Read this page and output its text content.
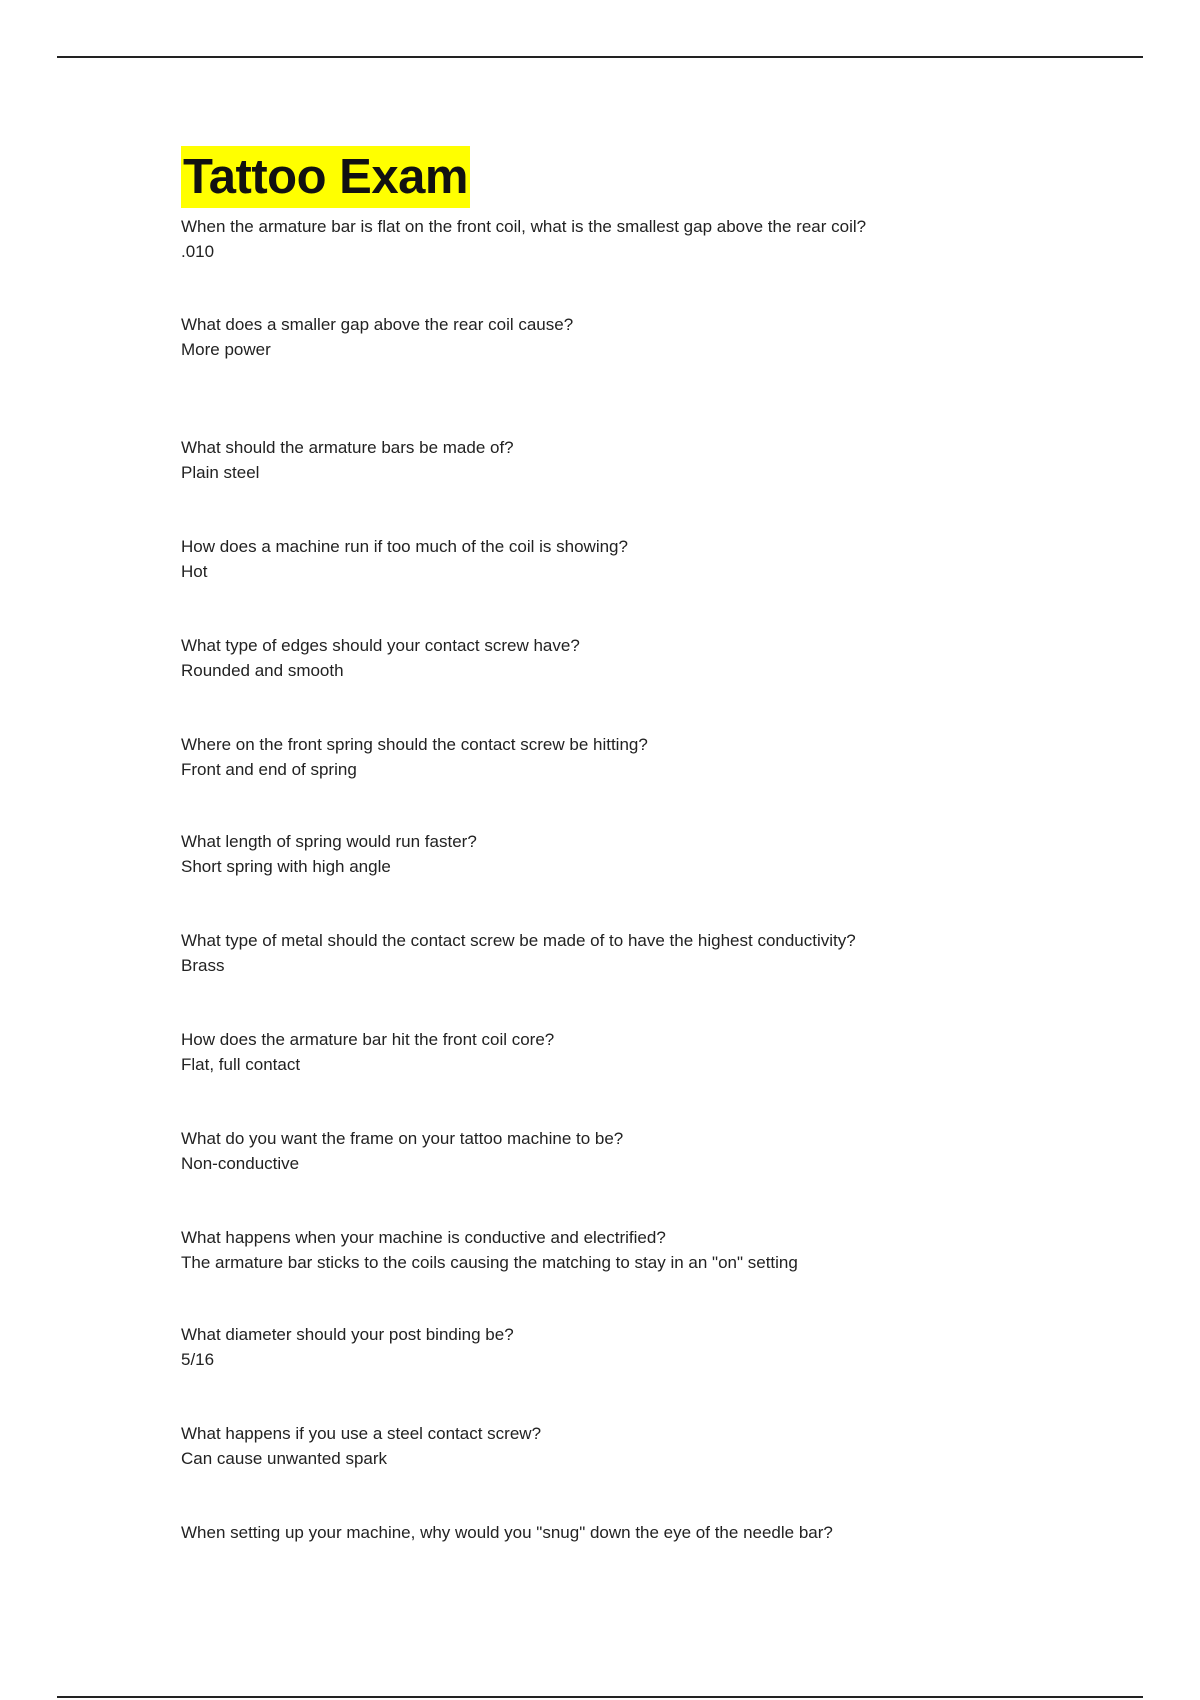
Tattoo Exam
When the armature bar is flat on the front coil, what is the smallest gap above the rear coil?
.010
What does a smaller gap above the rear coil cause?
More power
What should the armature bars be made of?
Plain steel
How does a machine run if too much of the coil is showing?
Hot
What type of edges should your contact screw have?
Rounded and smooth
Where on the front spring should the contact screw be hitting?
Front and end of spring
What length of spring would run faster?
Short spring with high angle
What type of metal should the contact screw be made of to have the highest conductivity?
Brass
How does the armature bar hit the front coil core?
Flat, full contact
What do you want the frame on your tattoo machine to be?
Non-conductive
What happens when your machine is conductive and electrified?
The armature bar sticks to the coils causing the matching to stay in an "on" setting
What diameter should your post binding be?
5/16
What happens if you use a steel contact screw?
Can cause unwanted spark
When setting up your machine, why would you "snug" down the eye of the needle bar?
